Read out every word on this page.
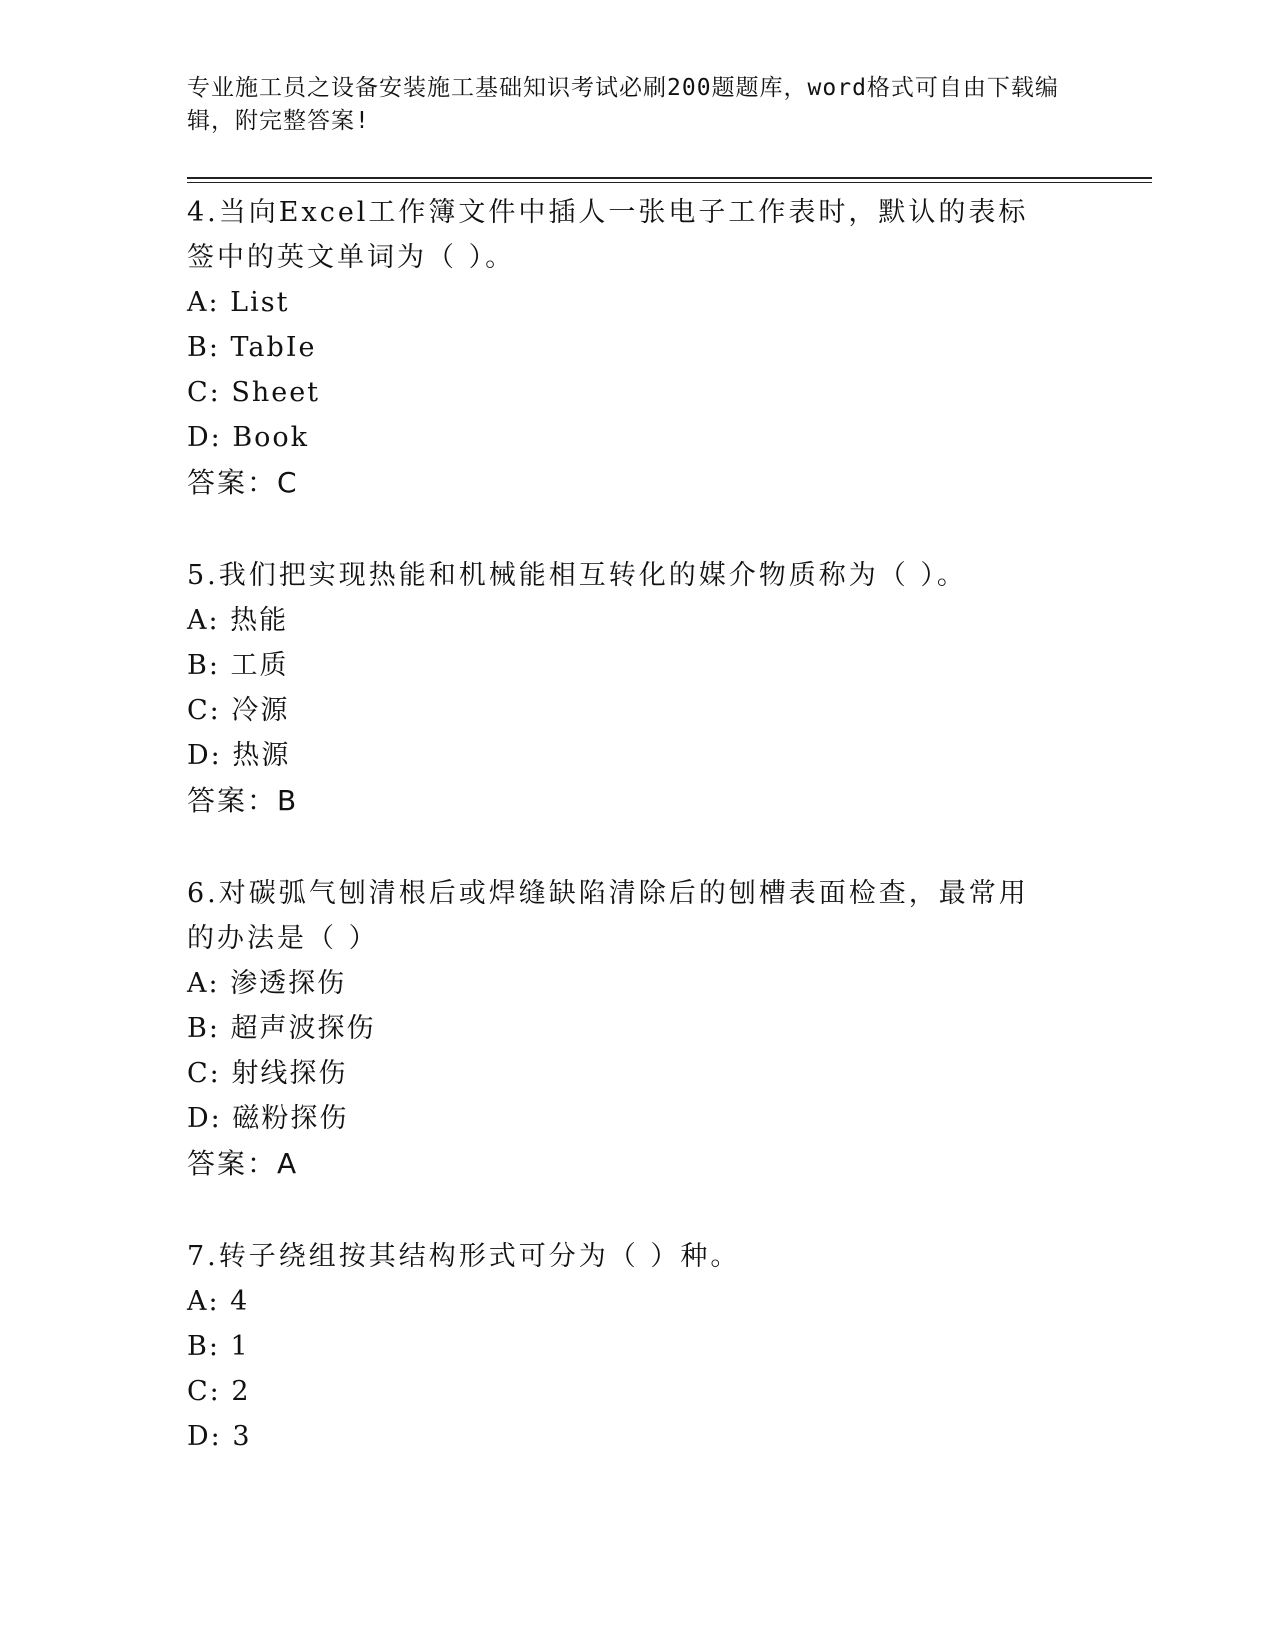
专业施工员之设备安装施工基础知识考试必刷200题题库，word格式可自由下载编辑，附完整答案!
4.当向Excel工作簿文件中插人一张电子工作表时，默认的表标签中的英文单词为（ ）。
A: List
B: TabIe
C: Sheet
D: Book
答案：C
5.我们把实现热能和机械能相互转化的媒介物质称为（ ）。
A: 热能
B: 工质
C: 冷源
D: 热源
答案：B
6.对碳弧气刨清根后或焊缝缺陷清除后的刨槽表面检查，最常用的办法是（ ）
A: 渗透探伤
B: 超声波探伤
C: 射线探伤
D: 磁粉探伤
答案：A
7.转子绕组按其结构形式可分为（ ）种。
A: 4
B: 1
C: 2
D: 3
